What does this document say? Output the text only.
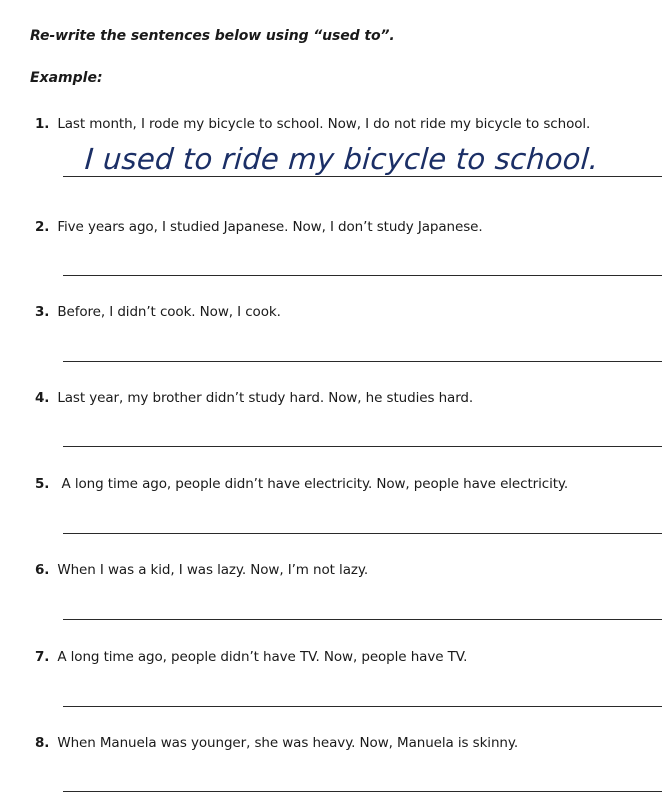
Re-write the sentences below using “used to”.
Example:
1. Last month, I rode my bicycle to school. Now, I do not ride my bicycle to school.
I used to ride my bicycle to school.
2. Five years ago, I studied Japanese. Now, I don’t study Japanese.
3. Before, I didn’t cook. Now, I cook.
4. Last year, my brother didn’t study hard. Now, he studies hard.
5. A long time ago, people didn’t have electricity. Now, people have electricity.
6. When I was a kid, I was lazy. Now, I’m not lazy.
7. A long time ago, people didn’t have TV. Now, people have TV.
8. When Manuela was younger, she was heavy. Now, Manuela is skinny.
